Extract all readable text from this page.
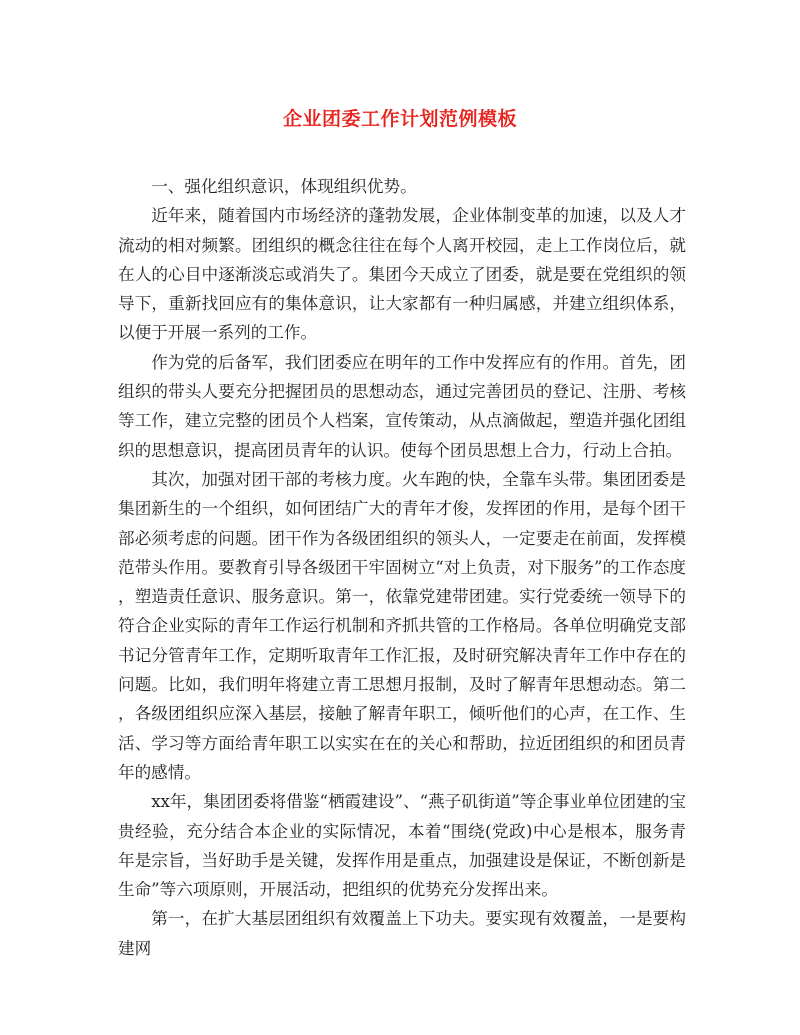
企业团委工作计划范例模板

一、强化组织意识，体现组织优势。

近年来，随着国内市场经济的蓬勃发展，企业体制变革的加速，以及人才流动的相对频繁。团组织的概念往往在每个人离开校园，走上工作岗位后，就在人的心目中逐渐淡忘或消失了。集团今天成立了团委，就是要在党组织的领导下，重新找回应有的集体意识，让大家都有一种归属感，并建立组织体系，以便于开展一系列的工作。

作为党的后备军，我们团委应在明年的工作中发挥应有的作用。首先，团组织的带头人要充分把握团员的思想动态，通过完善团员的登记、注册、考核等工作，建立完整的团员个人档案，宣传策动，从点滴做起，塑造并强化团组织的思想意识，提高团员青年的认识。使每个团员思想上合力，行动上合拍。

其次，加强对团干部的考核力度。火车跑的快，全靠车头带。集团团委是集团新生的一个组织，如何团结广大的青年才俊，发挥团的作用，是每个团干部必须考虑的问题。团干作为各级团组织的领头人，一定要走在前面，发挥模范带头作用。要教育引导各级团干牢固树立“对上负责，对下服务”的工作态度，塑造责任意识、服务意识。第一，依靠党建带团建。实行党委统一领导下的符合企业实际的青年工作运行机制和齐抓共管的工作格局。各单位明确党支部书记分管青年工作，定期听取青年工作汇报，及时研究解决青年工作中存在的问题。比如，我们明年将建立青工思想月报制，及时了解青年思想动态。第二，各级团组织应深入基层，接触了解青年职工，倾听他们的心声，在工作、生活、学习等方面给青年职工以实实在在的关心和帮助，拉近团组织的和团员青年的感情。

xx年，集团团委将借鉴“栖霞建设”、“燕子矶街道”等企事业单位团建的宝贵经验，充分结合本企业的实际情况，本着“围绕(党政)中心是根本，服务青年是宗旨，当好助手是关键，发挥作用是重点，加强建设是保证，不断创新是生命”等六项原则，开展活动，把组织的优势充分发挥出来。

第一，在扩大基层团组织有效覆盖上下功夫。要实现有效覆盖，一是要构建网
